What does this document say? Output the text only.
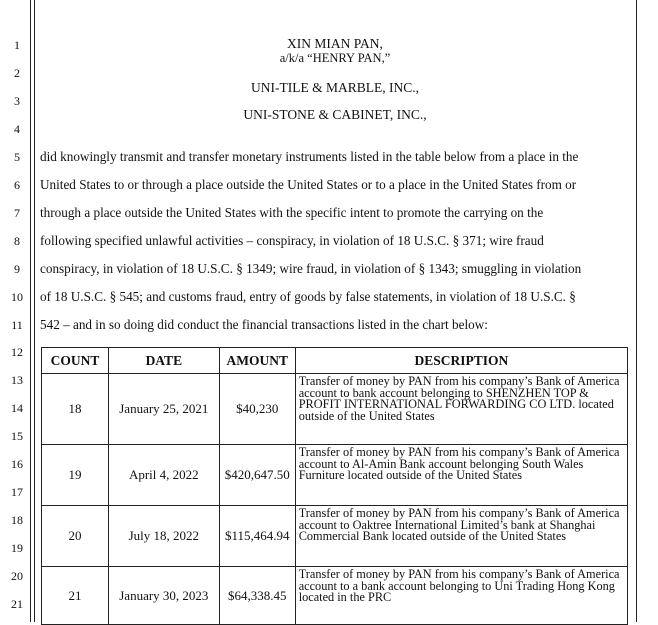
1
2
3
4
5
6
7
8
9
10
11
12
13
14
15
16
17
18
19
20
21
XIN MIAN PAN,
a/k/a “HENRY PAN,”
UNI-TILE & MARBLE, INC.,
UNI-STONE & CABINET, INC.,
did knowingly transmit and transfer monetary instruments listed in the table below from a place in the
United States to or through a place outside the United States or to a place in the United States from or
through a place outside the United States with the specific intent to promote the carrying on the
following specified unlawful activities – conspiracy, in violation of 18 U.S.C. § 371; wire fraud
conspiracy, in violation of 18 U.S.C. § 1349; wire fraud, in violation of § 1343; smuggling in violation
of 18 U.S.C. § 545; and customs fraud, entry of goods by false statements, in violation of 18 U.S.C. §
542 – and in so doing did conduct the financial transactions listed in the chart below:
COUNT	DATE	AMOUNT	DESCRIPTION
18	January 25, 2021	$40,230	Transfer of money by PAN from his company’s Bank of America account to bank account belonging to SHENZHEN TOP & PROFIT INTERNATIONAL FORWARDING CO LTD. located outside of the United States
19	April 4, 2022	$420,647.50	Transfer of money by PAN from his company’s Bank of America account to Al-Amin Bank account belonging South Wales Furniture located outside of the United States
20	July 18, 2022	$115,464.94	Transfer of money by PAN from his company’s Bank of America account to Oaktree International Limited’s bank at Shanghai Commercial Bank located outside of the United States
21	January 30, 2023	$64,338.45	Transfer of money by PAN from his company’s Bank of America account to a bank account belonging to Uni Trading Hong Kong located in the PRC
